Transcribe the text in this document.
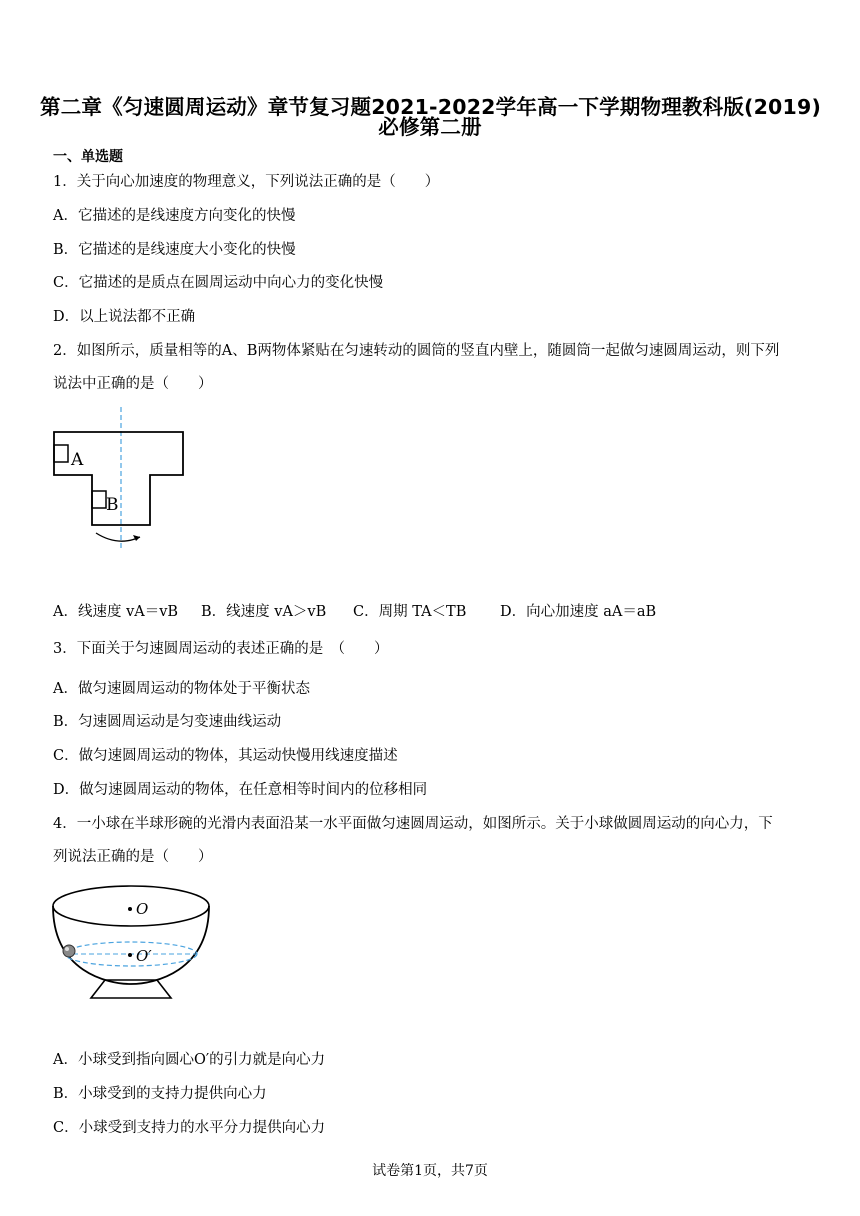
第二章《匀速圆周运动》章节复习题2021-2022学年高一下学期物理教科版(2019)
必修第二册
一、单选题
1．关于向心加速度的物理意义，下列说法正确的是（　　）
A．它描述的是线速度方向变化的快慢
B．它描述的是线速度大小变化的快慢
C．它描述的是质点在圆周运动中向心力的变化快慢
D．以上说法都不正确
2．如图所示，质量相等的A、B两物体紧贴在匀速转动的圆筒的竖直内壁上，随圆筒一起做匀速圆周运动，则下列
说法中正确的是（　　）
A
B
A．线速度 vA＝vB B．线速度 vA＞vB C．周期 TA＜TB D．向心加速度 aA＝aB
3．下面关于匀速圆周运动的表述正确的是　（　　）
A．做匀速圆周运动的物体处于平衡状态
B．匀速圆周运动是匀变速曲线运动
C．做匀速圆周运动的物体，其运动快慢用线速度描述
D．做匀速圆周运动的物体，在任意相等时间内的位移相同
4．一小球在半球形碗的光滑内表面沿某一水平面做匀速圆周运动，如图所示。关于小球做圆周运动的向心力，下
列说法正确的是（　　）
O
O′
A．小球受到指向圆心O′的引力就是向心力
B．小球受到的支持力提供向心力
C．小球受到支持力的水平分力提供向心力
试卷第1页，共7页
